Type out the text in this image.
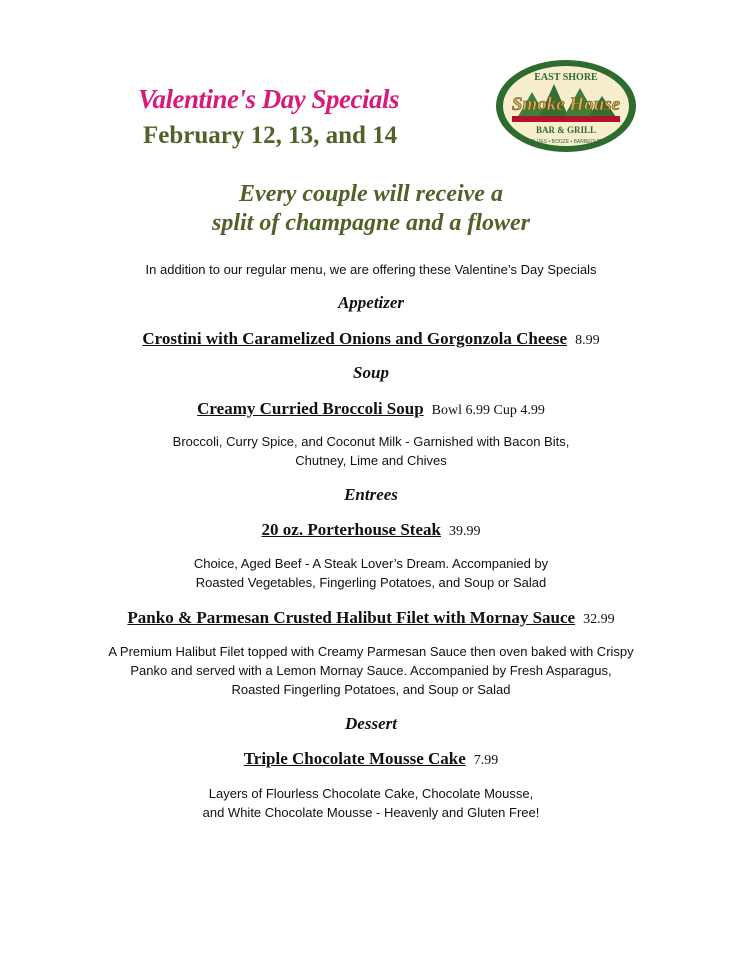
Valentine's Day Specials
February 12, 13, and 14
EAST SHORE
Smoke House
BAR & GRILL
BLUES • BOOZE • BARBEQUE
Every couple will receive a
split of champagne and a flower
In addition to our regular menu, we are offering these Valentine’s Day Specials
Appetizer
Crostini with Caramelized Onions and Gorgonzola Cheese 8.99
Soup
Creamy Curried Broccoli Soup Bowl 6.99 Cup 4.99
Broccoli, Curry Spice, and Coconut Milk - Garnished with Bacon Bits,
Chutney, Lime and Chives
Entrees
20 oz. Porterhouse Steak 39.99
Choice, Aged Beef - A Steak Lover’s Dream. Accompanied by
Roasted Vegetables, Fingerling Potatoes, and Soup or Salad
Panko & Parmesan Crusted Halibut Filet with Mornay Sauce 32.99
A Premium Halibut Filet topped with Creamy Parmesan Sauce then oven baked with Crispy
Panko and served with a Lemon Mornay Sauce. Accompanied by Fresh Asparagus,
Roasted Fingerling Potatoes, and Soup or Salad
Dessert
Triple Chocolate Mousse Cake 7.99
Layers of Flourless Chocolate Cake, Chocolate Mousse,
and White Chocolate Mousse - Heavenly and Gluten Free!
